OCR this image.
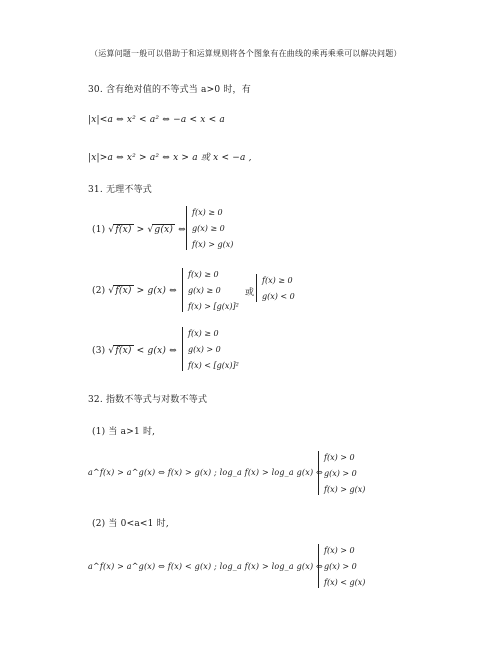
（运算问题一般可以借助于和运算规则将各个图象有在曲线的乘再乘乘可以解决问题）
30. 含有绝对值的不等式当 a>0 时，有
|x|<a ⇔ x² < a² ⇔ −a < x < a
|x|>a ⇔ x² > a² ⇔ x > a 或 x < −a ,
31. 无理不等式
(1) √f(x) > √g(x) ⇔
f(x) ≥ 0
g(x) ≥ 0
f(x) > g(x)
(2) √f(x) > g(x) ⇔
f(x) ≥ 0
g(x) ≥ 0
f(x) > [g(x)]²
或
f(x) ≥ 0
g(x) < 0
(3) √f(x) < g(x) ⇔
f(x) ≥ 0
g(x) > 0
f(x) < [g(x)]²
32. 指数不等式与对数不等式
(1) 当 a>1 时,
a^f(x) > a^g(x) ⇔ f(x) > g(x) ; log_a f(x) > log_a g(x) ⇔
f(x) > 0
g(x) > 0
f(x) > g(x)
(2) 当 0<a<1 时,
a^f(x) > a^g(x) ⇔ f(x) < g(x) ; log_a f(x) > log_a g(x) ⇔
f(x) > 0
g(x) > 0
f(x) < g(x)
